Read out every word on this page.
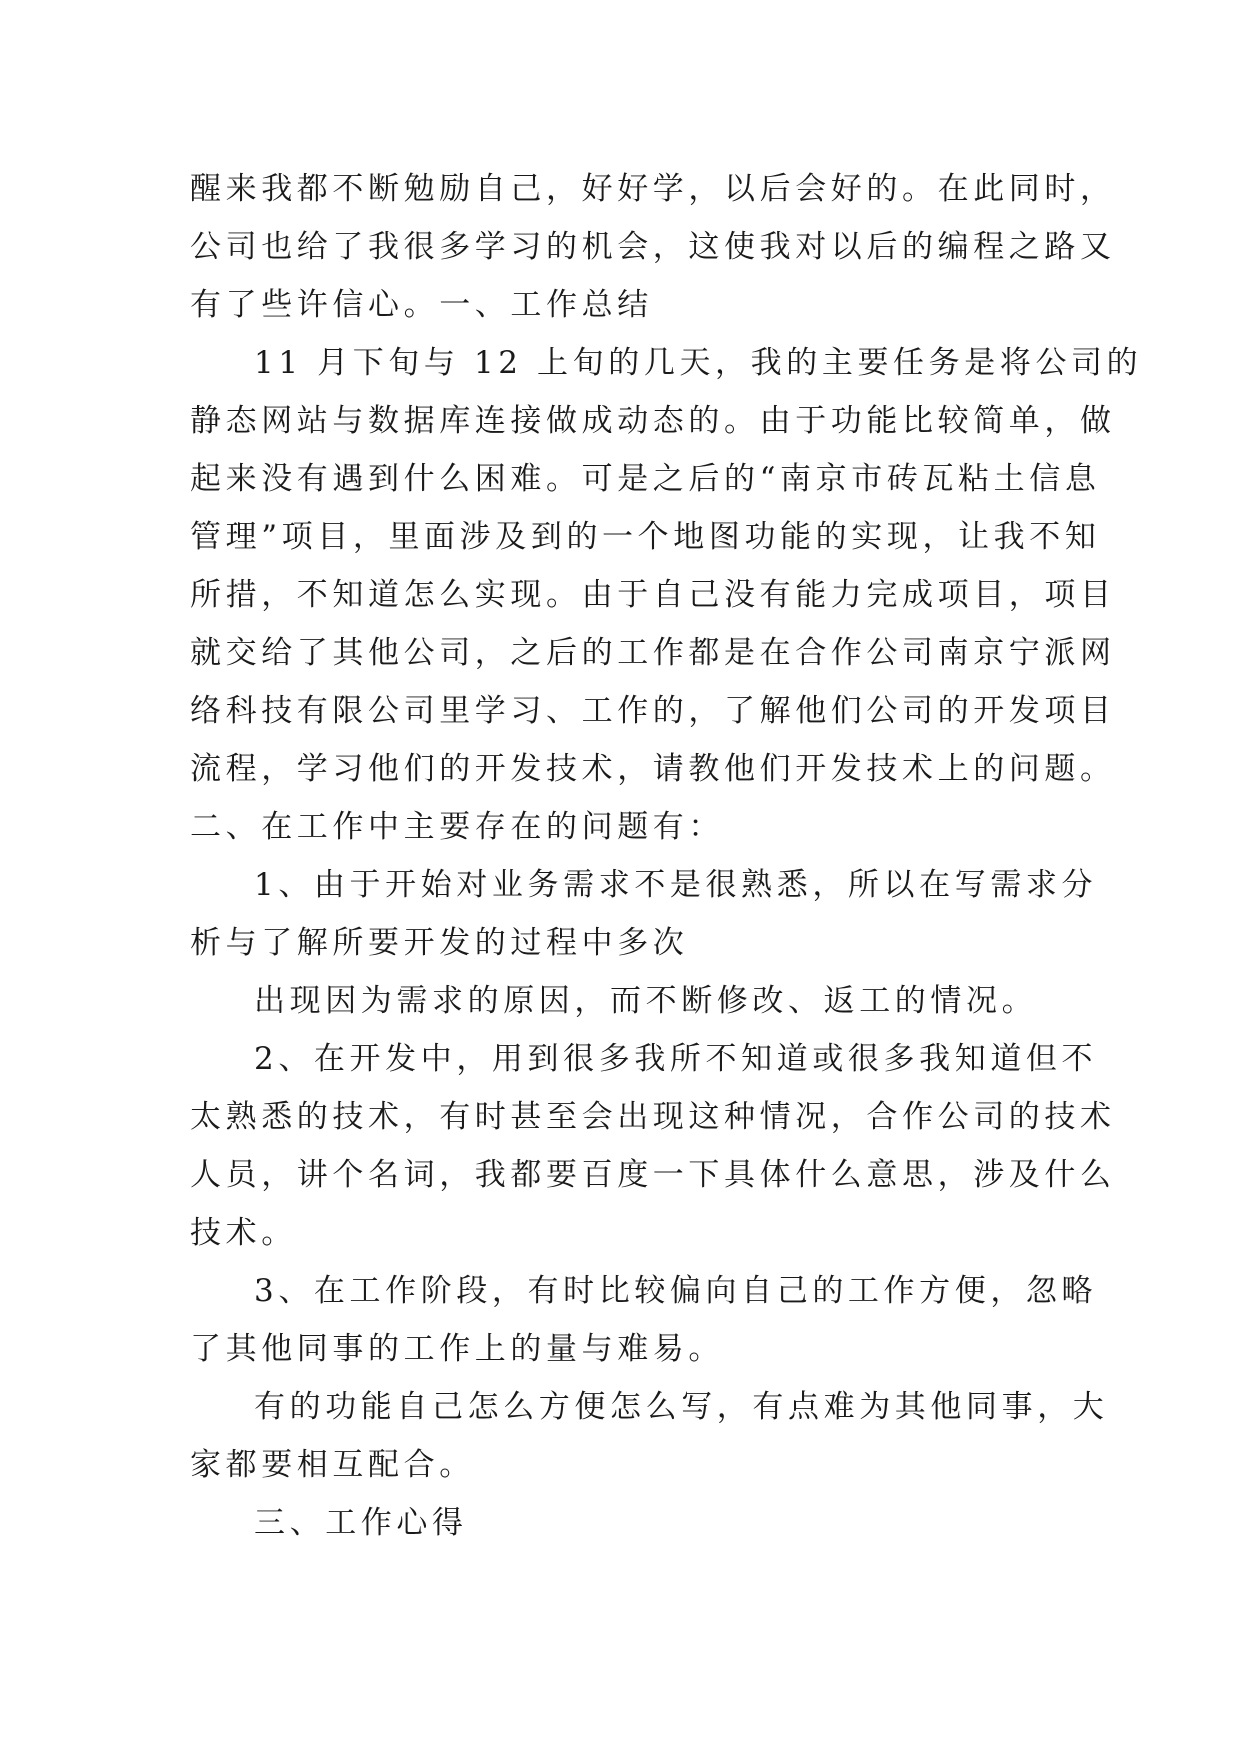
醒来我都不断勉励自己，好好学，以后会好的。在此同时，
公司也给了我很多学习的机会，这使我对以后的编程之路又
有了些许信心。一、工作总结
11 月下旬与 12 上旬的几天，我的主要任务是将公司的
静态网站与数据库连接做成动态的。由于功能比较简单，做
起来没有遇到什么困难。可是之后的“南京市砖瓦粘土信息
管理”项目，里面涉及到的一个地图功能的实现，让我不知
所措，不知道怎么实现。由于自己没有能力完成项目，项目
就交给了其他公司，之后的工作都是在合作公司南京宁派网
络科技有限公司里学习、工作的，了解他们公司的开发项目
流程，学习他们的开发技术，请教他们开发技术上的问题。
二、在工作中主要存在的问题有：
1、由于开始对业务需求不是很熟悉，所以在写需求分
析与了解所要开发的过程中多次
出现因为需求的原因，而不断修改、返工的情况。
2、在开发中，用到很多我所不知道或很多我知道但不
太熟悉的技术，有时甚至会出现这种情况，合作公司的技术
人员，讲个名词，我都要百度一下具体什么意思，涉及什么
技术。
3、在工作阶段，有时比较偏向自己的工作方便，忽略
了其他同事的工作上的量与难易。
有的功能自己怎么方便怎么写，有点难为其他同事，大
家都要相互配合。
三、工作心得
